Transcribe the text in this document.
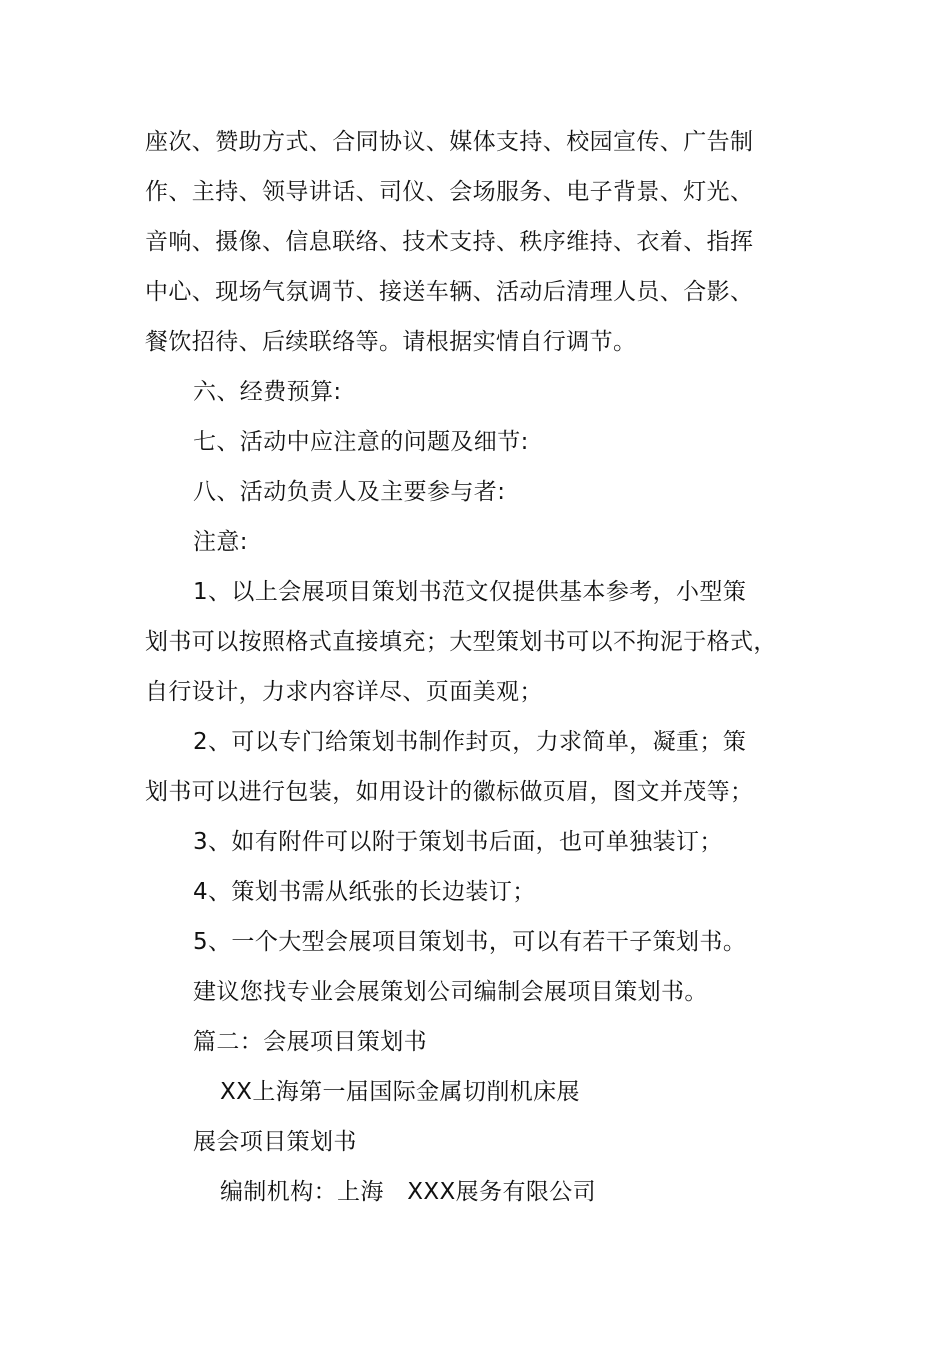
座次、赞助方式、合同协议、媒体支持、校园宣传、广告制

作、主持、领导讲话、司仪、会场服务、电子背景、灯光、

音响、摄像、信息联络、技术支持、秩序维持、衣着、指挥

中心、现场气氛调节、接送车辆、活动后清理人员、合影、

餐饮招待、后续联络等。请根据实情自行调节。

六、经费预算:

七、活动中应注意的问题及细节:

八、活动负责人及主要参与者:

注意:

1、以上会展项目策划书范文仅提供基本参考，小型策

划书可以按照格式直接填充；大型策划书可以不拘泥于格式，

自行设计，力求内容详尽、页面美观；

2、可以专门给策划书制作封页，力求简单，凝重；策

划书可以进行包装，如用设计的徽标做页眉，图文并茂等；

3、如有附件可以附于策划书后面，也可单独装订；

4、策划书需从纸张的长边装订；

5、一个大型会展项目策划书，可以有若干子策划书。

建议您找专业会展策划公司编制会展项目策划书。

篇二：会展项目策划书

XX上海第一届国际金属切削机床展

展会项目策划书

编制机构：上海　XXX展务有限公司
